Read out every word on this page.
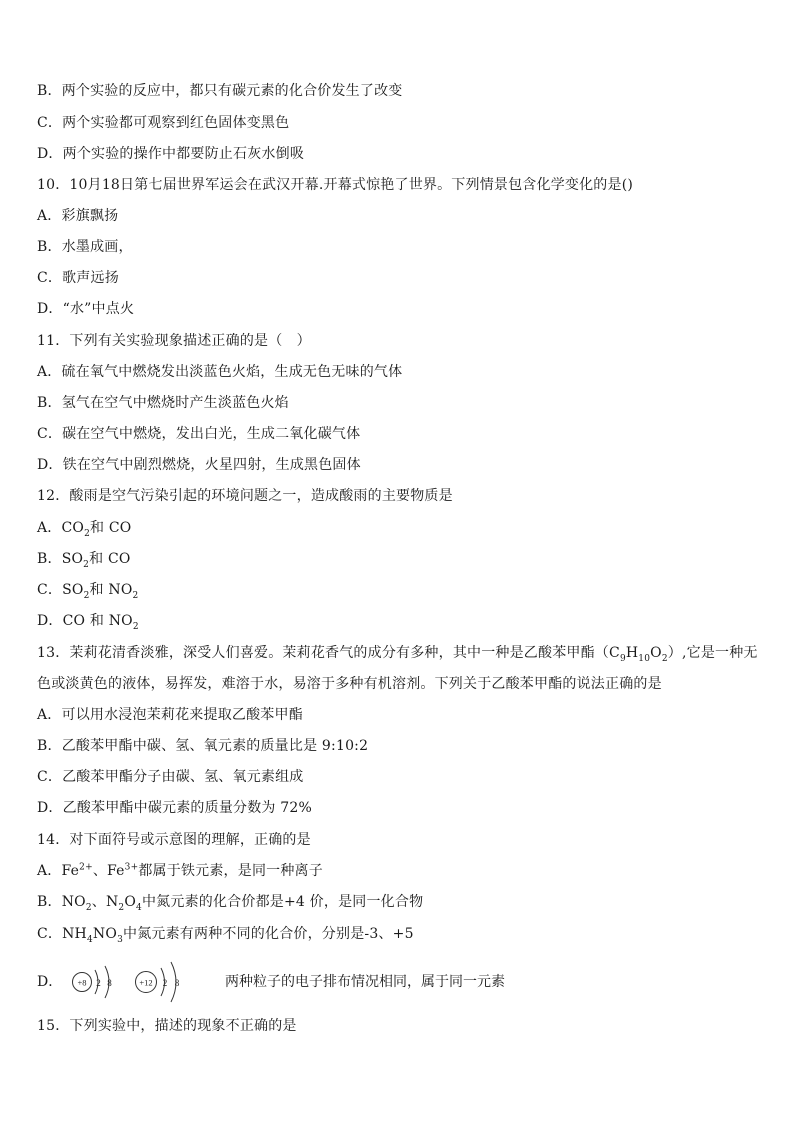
B．两个实验的反应中，都只有碳元素的化合价发生了改变
C．两个实验都可观察到红色固体变黑色
D．两个实验的操作中都要防止石灰水倒吸
10．10月18日第七届世界军运会在武汉开幕.开幕式惊艳了世界。下列情景包含化学变化的是()
A．彩旗飘扬
B．水墨成画，
C．歌声远扬
D．“水”中点火
11．下列有关实验现象描述正确的是（　）
A．硫在氧气中燃烧发出淡蓝色火焰，生成无色无味的气体
B．氢气在空气中燃烧时产生淡蓝色火焰
C．碳在空气中燃烧，发出白光，生成二氧化碳气体
D．铁在空气中剧烈燃烧，火星四射，生成黑色固体
12．酸雨是空气污染引起的环境问题之一，造成酸雨的主要物质是
A．$CO_2$和 CO
B．$SO_2$和 CO
C．$SO_2$和 $NO_2$
D．CO 和 $NO_2$
13．茉莉花清香淡雅，深受人们喜爱。茉莉花香气的成分有多种，其中一种是乙酸苯甲酯$(C_9H_{10}O_2)$,它是一种无色或淡黄色的液体，易挥发，难溶于水，易溶于多种有机溶剂。下列关于乙酸苯甲酯的说法正确的是
A．可以用水浸泡茉莉花来提取乙酸苯甲酯
B．乙酸苯甲酯中碳、氢、氧元素的质量比是 9:10:2
C．乙酸苯甲酯分子由碳、氢、氧元素组成
D．乙酸苯甲酯中碳元素的质量分数为 72%
14．对下面符号或示意图的理解，正确的是
A．$Fe^{2+}$、$Fe^{3+}$都属于铁元素，是同一种离子
B．$NO_2$、$N_2O_4$中氮元素的化合价都是+4 价，是同一化合物
C．$NH_4NO_3$中氮元素有两种不同的化合价，分别是-3、+5
D． +8 2 8	+12 2 8	两种粒子的电子排布情况相同，属于同一元素
15．下列实验中，描述的现象不正确的是
